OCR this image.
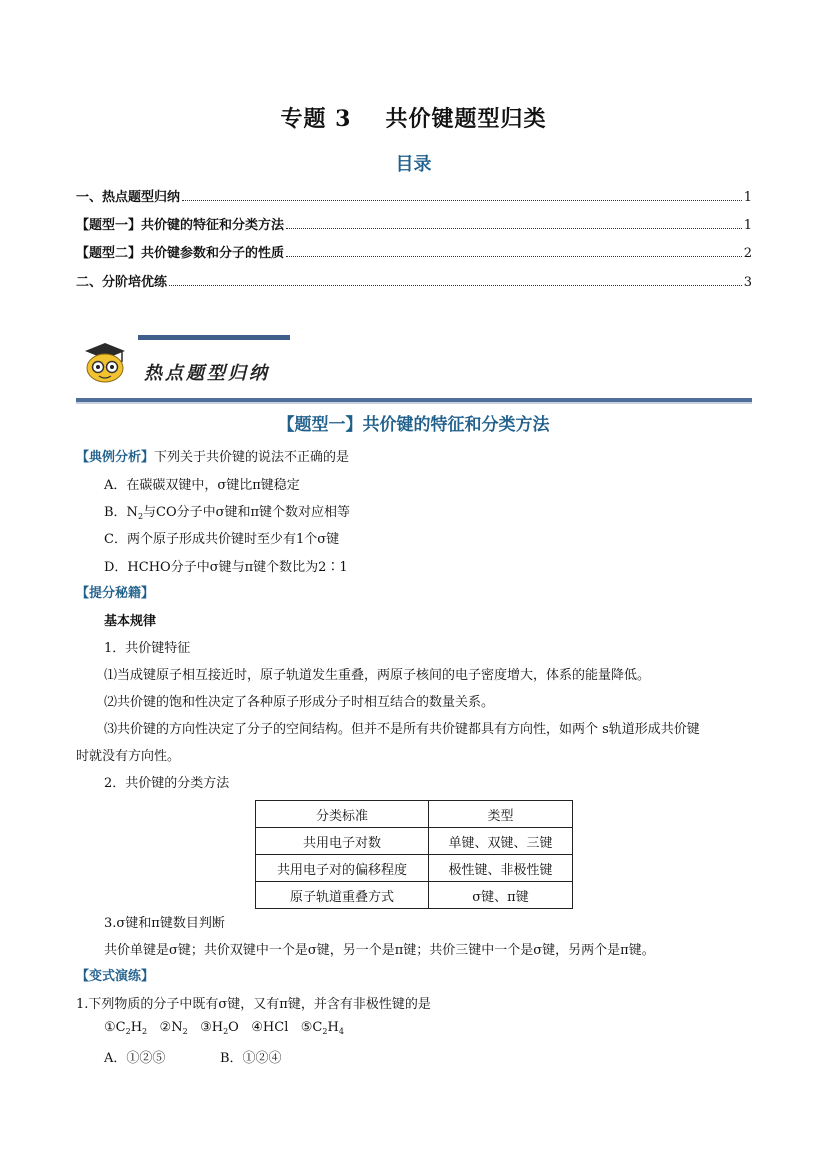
专题 3 共价键题型归类
目录
一、热点题型归纳	1
【题型一】共价键的特征和分类方法	1
【题型二】共价键参数和分子的性质	2
二、分阶培优练	3
热点题型归纳
【题型一】共价键的特征和分类方法
【典例分析】下列关于共价键的说法不正确的是
A．在碳碳双键中，σ键比π键稳定
B．$N_2$与CO分子中σ键和π键个数对应相等
C．两个原子形成共价键时至少有1个σ键
D．HCHO分子中σ键与π键个数比为2∶1
【提分秘籍】
基本规律
1．共价键特征
⑴当成键原子相互接近时，原子轨道发生重叠，两原子核间的电子密度增大，体系的能量降低。
⑵共价键的饱和性决定了各种原子形成分子时相互结合的数量关系。
⑶共价键的方向性决定了分子的空间结构。但并不是所有共价键都具有方向性，如两个 s轨道形成共价键
时就没有方向性。
2．共价键的分类方法
分类标准	类型
共用电子对数	单键、双键、三键
共用电子对的偏移程度	极性键、非极性键
原子轨道重叠方式	σ键、π键
3.σ键和π键数目判断
共价单键是σ键；共价双键中一个是σ键，另一个是π键；共价三键中一个是σ键，另两个是π键。
【变式演练】
1.下列物质的分子中既有σ键，又有π键，并含有非极性键的是
$①C_2H_2$ $②N_2$ $③H_2O$ ④HCl $⑤C_2H_4$
A．①②⑤	B．①②④
